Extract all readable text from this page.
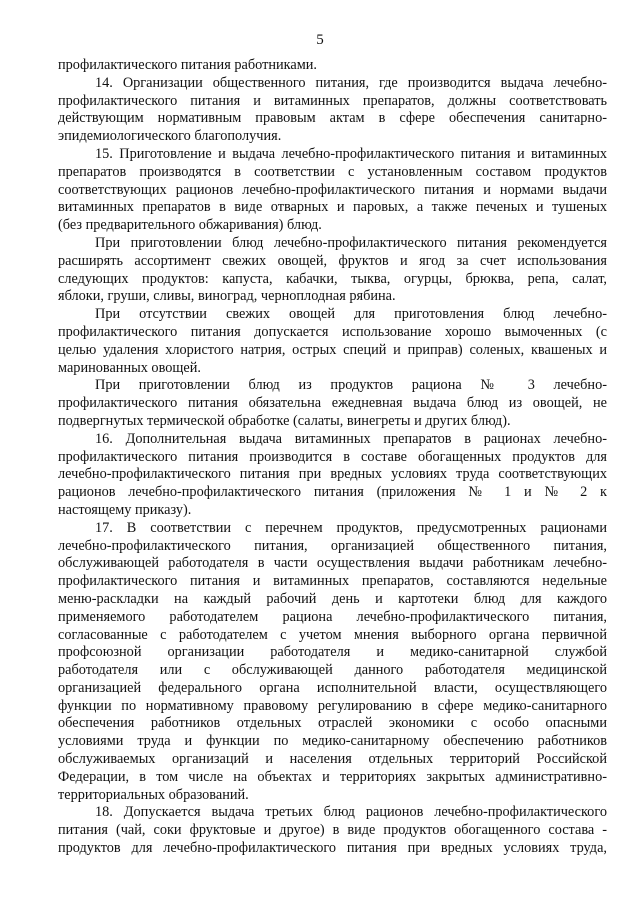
5
профилактического питания работниками.
14. Организации общественного питания, где производится выдача лечебно-
профилактического питания и витаминных препаратов, должны соответствовать
действующим нормативным правовым актам в сфере обеспечения санитарно-
эпидемиологического благополучия.
15. Приготовление и выдача лечебно-профилактического питания и витаминных
препаратов производятся в соответствии с установленным составом продуктов
соответствующих рационов лечебно-профилактического питания и нормами выдачи
витаминных препаратов в виде отварных и паровых, а также печеных и тушеных
(без предварительного обжаривания) блюд.
При приготовлении блюд лечебно-профилактического питания рекомендуется
расширять ассортимент свежих овощей, фруктов и ягод за счет использования
следующих продуктов: капуста, кабачки, тыква, огурцы, брюква, репа, салат,
яблоки, груши, сливы, виноград, черноплодная рябина.
При отсутствии свежих овощей для приготовления блюд лечебно-
профилактического питания допускается использование хорошо вымоченных (с
целью удаления хлористого натрия, острых специй и приправ) соленых, квашеных и
маринованных овощей.
При приготовлении блюд из продуктов рациона № 3 лечебно-
профилактического питания обязательна ежедневная выдача блюд из овощей, не
подвергнутых термической обработке (салаты, винегреты и других блюд).
16. Дополнительная выдача витаминных препаратов в рационах лечебно-
профилактического питания производится в составе обогащенных продуктов для
лечебно-профилактического питания при вредных условиях труда соответствующих
рационов лечебно-профилактического питания (приложения № 1 и № 2 к
настоящему приказу).
17. В соответствии с перечнем продуктов, предусмотренных рационами
лечебно-профилактического питания, организацией общественного питания,
обслуживающей работодателя в части осуществления выдачи работникам лечебно-
профилактического питания и витаминных препаратов, составляются недельные
меню-раскладки на каждый рабочий день и картотеки блюд для каждого
применяемого работодателем рациона лечебно-профилактического питания,
согласованные с работодателем с учетом мнения выборного органа первичной
профсоюзной организации работодателя и медико-санитарной службой
работодателя или с обслуживающей данного работодателя медицинской
организацией федерального органа исполнительной власти, осуществляющего
функции по нормативному правовому регулированию в сфере медико-санитарного
обеспечения работников отдельных отраслей экономики с особо опасными
условиями труда и функции по медико-санитарному обеспечению работников
обслуживаемых организаций и населения отдельных территорий Российской
Федерации, в том числе на объектах и территориях закрытых административно-
территориальных образований.
18. Допускается выдача третьих блюд рационов лечебно-профилактического
питания (чай, соки фруктовые и другое) в виде продуктов обогащенного состава -
продуктов для лечебно-профилактического питания при вредных условиях труда,
